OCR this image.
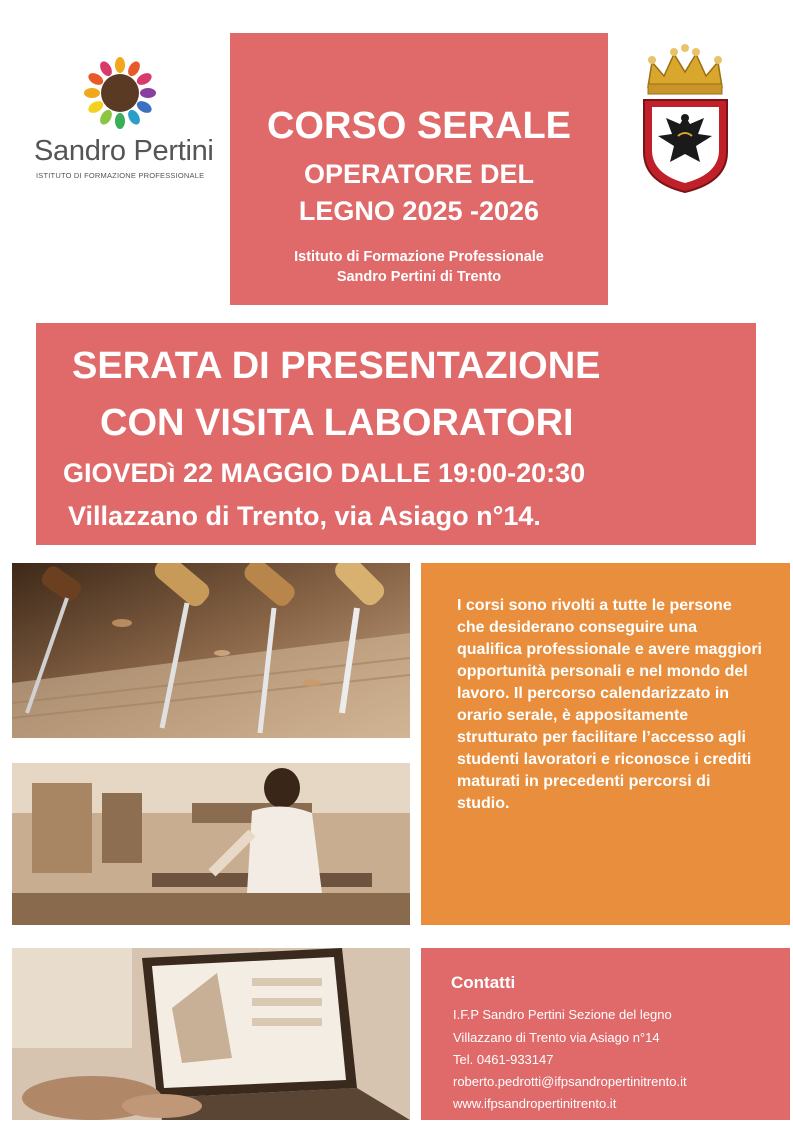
Sandro Pertini
ISTITUTO DI FORMAZIONE PROFESSIONALE
CORSO SERALE
OPERATORE DEL
LEGNO 2025 -2026
Istituto di Formazione Professionale
Sandro Pertini di Trento
SERATA DI PRESENTAZIONE
CON VISITA LABORATORI
GIOVEDì 22 MAGGIO DALLE 19:00-20:30
Villazzano di Trento, via Asiago n°14.
I corsi sono rivolti a tutte le persone che desiderano conseguire una qualifica professionale e avere maggiori opportunità personali e nel mondo del lavoro. Il percorso calendarizzato in orario serale, è appositamente strutturato per facilitare l’accesso agli studenti lavoratori e riconosce i crediti maturati in precedenti percorsi di studio.
Contatti
I.F.P Sandro Pertini Sezione del legno
Villazzano di Trento via Asiago n°14
Tel. 0461-933147
roberto.pedrotti@ifpsandropertinitrento.it
www.ifpsandropertinitrento.it
